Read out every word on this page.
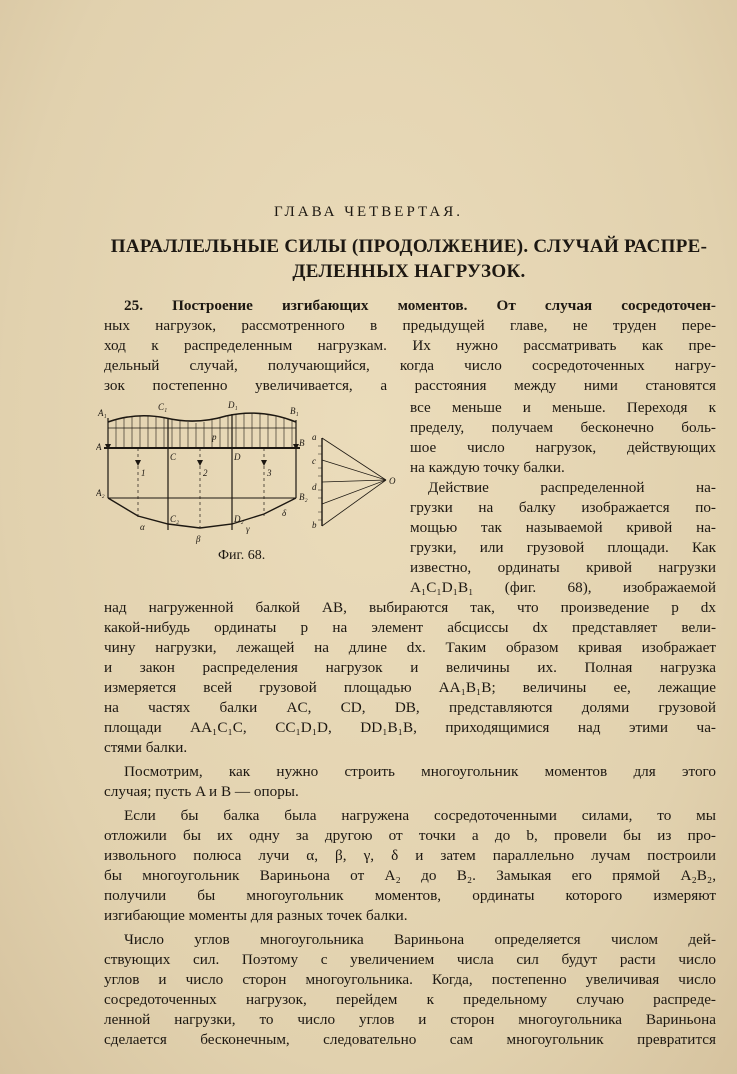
ГЛАВА ЧЕТВЕРТАЯ.
ПАРАЛЛЕЛЬНЫЕ СИЛЫ (ПРОДОЛЖЕНИЕ). СЛУЧАЙ РАСПРЕ-
ДЕЛЕННЫХ НАГРУЗОК.
25. Построение изгибающих моментов. От случая сосредоточен-
ных нагрузок, рассмотренного в предыдущей главе, не труден пере-
ход к распределенным нагрузкам. Их нужно рассматривать как пре-
дельный случай, получающийся, когда число сосредоточенных нагру-
зок постепенно увеличивается, а расстояния между ними становятся
все меньше и меньше. Переходя к
пределу, получаем бесконечно боль-
шое число нагрузок, действующих
на каждую точку балки.
Действие распределенной на-
грузки на балку изображается по-
мощью так называемой кривой на-
грузки, или грузовой площади. Как
известно, ординаты кривой нагрузки
A₁C₁D₁B₁ (фиг. 68), изображаемой
A₁
C₁	D₁
B₁
A
C	D
B
A₂	B₂
C₂	D₂
α
β
γ
δ
a
b
c
d
O
1	2	3
p
Фиг. 68.
над нагруженной балкой AB, выбираются так, что произведение p dx
какой-нибудь ординаты p на элемент абсциссы dx представляет вели-
чину нагрузки, лежащей на длине dx. Таким образом кривая изображает
и закон распределения нагрузок и величины их. Полная нагрузка
измеряется всей грузовой площадью AA₁B₁B; величины ее, лежащие
на частях балки AC, CD, DB, представляются долями грузовой
площади AA₁C₁C, CC₁D₁D, DD₁B₁B, приходящимися над этими ча-
стями балки.
Посмотрим, как нужно строить многоугольник моментов для этого
случая; пусть A и B — опоры.
Если бы балка была нагружена сосредоточенными силами, то мы
отложили бы их одну за другою от точки a до b, провели бы из про-
извольного полюса лучи α, β, γ, δ и затем параллельно лучам построили
бы многоугольник Вариньона от A₂ до B₂. Замыкая его прямой A₂B₂,
получили бы многоугольник моментов, ординаты которого измеряют
изгибающие моменты для разных точек балки.
Число углов многоугольника Вариньона определяется числом дей-
ствующих сил. Поэтому с увеличением числа сил будут расти число
углов и число сторон многоугольника. Когда, постепенно увеличивая число
сосредоточенных нагрузок, перейдем к предельному случаю распреде-
ленной нагрузки, то число углов и сторон многоугольника Вариньона
сделается бесконечным, следовательно сам многоугольник превратится
